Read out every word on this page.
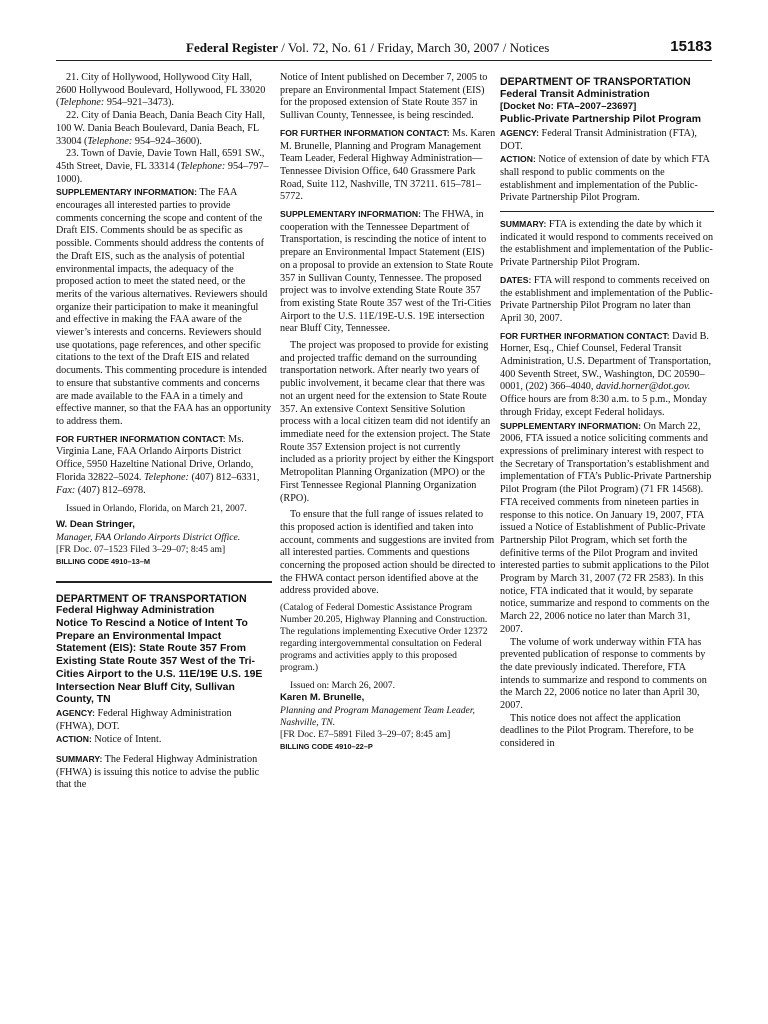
Federal Register / Vol. 72, No. 61 / Friday, March 30, 2007 / Notices	15183

21. City of Hollywood, Hollywood City Hall, 2600 Hollywood Boulevard, Hollywood, FL 33020 (Telephone: 954–921–3473).

22. City of Dania Beach, Dania Beach City Hall, 100 W. Dania Beach Boulevard, Dania Beach, FL 33004 (Telephone: 954–924–3600).

23. Town of Davie, Davie Town Hall, 6591 SW., 45th Street, Davie, FL 33314 (Telephone: 954–797–1000).

SUPPLEMENTARY INFORMATION: The FAA encourages all interested parties to provide comments concerning the scope and content of the Draft EIS. Comments should be as specific as possible. Comments should address the contents of the Draft EIS, such as the analysis of potential environmental impacts, the adequacy of the proposed action to meet the stated need, or the merits of the various alternatives. Reviewers should organize their participation to make it meaningful and effective in making the FAA aware of the viewer’s interests and concerns. Reviewers should use quotations, page references, and other specific citations to the text of the Draft EIS and related documents. This commenting procedure is intended to ensure that substantive comments and concerns are made available to the FAA in a timely and effective manner, so that the FAA has an opportunity to address them.

FOR FURTHER INFORMATION CONTACT: Ms. Virginia Lane, FAA Orlando Airports District Office, 5950 Hazeltine National Drive, Orlando, Florida 32822–5024. Telephone: (407) 812–6331, Fax: (407) 812–6978.

Issued in Orlando, Florida, on March 21, 2007.

W. Dean Stringer,

Manager, FAA Orlando Airports District Office.

[FR Doc. 07–1523 Filed 3–29–07; 8:45 am]

BILLING CODE 4910–13–M

DEPARTMENT OF TRANSPORTATION

Federal Highway Administration

Notice To Rescind a Notice of Intent To Prepare an Environmental Impact Statement (EIS): State Route 357 From Existing State Route 357 West of the Tri-Cities Airport to the U.S. 11E/19E U.S. 19E Intersection Near Bluff City, Sullivan County, TN

AGENCY: Federal Highway Administration (FHWA), DOT.

ACTION: Notice of Intent.

SUMMARY: The Federal Highway Administration (FHWA) is issuing this notice to advise the public that the

Notice of Intent published on December 7, 2005 to prepare an Environmental Impact Statement (EIS) for the proposed extension of State Route 357 in Sullivan County, Tennessee, is being rescinded.

FOR FURTHER INFORMATION CONTACT: Ms. Karen M. Brunelle, Planning and Program Management Team Leader, Federal Highway Administration—Tennessee Division Office, 640 Grassmere Park Road, Suite 112, Nashville, TN 37211. 615–781–5772.

SUPPLEMENTARY INFORMATION: The FHWA, in cooperation with the Tennessee Department of Transportation, is rescinding the notice of intent to prepare an Environmental Impact Statement (EIS) on a proposal to provide an extension to State Route 357 in Sullivan County, Tennessee. The proposed project was to involve extending State Route 357 from existing State Route 357 west of the Tri-Cities Airport to the U.S. 11E/19E-U.S. 19E intersection near Bluff City, Tennessee.

The project was proposed to provide for existing and projected traffic demand on the surrounding transportation network. After nearly two years of public involvement, it became clear that there was not an urgent need for the extension to State Route 357. An extensive Context Sensitive Solution process with a local citizen team did not identify an immediate need for the extension project. The State Route 357 Extension project is not currently included as a priority project by either the Kingsport Metropolitan Planning Organization (MPO) or the First Tennessee Regional Planning Organization (RPO).

To ensure that the full range of issues related to this proposed action is identified and taken into account, comments and suggestions are invited from all interested parties. Comments and questions concerning the proposed action should be directed to the FHWA contact person identified above at the address provided above.

(Catalog of Federal Domestic Assistance Program Number 20.205, Highway Planning and Construction. The regulations implementing Executive Order 12372 regarding intergovernmental consultation on Federal programs and activities apply to this proposed program.)

Issued on: March 26, 2007.

Karen M. Brunelle,

Planning and Program Management Team Leader, Nashville, TN.

[FR Doc. E7–5891 Filed 3–29–07; 8:45 am]

BILLING CODE 4910–22–P

DEPARTMENT OF TRANSPORTATION

Federal Transit Administration

[Docket No: FTA–2007–23697]

Public-Private Partnership Pilot Program

AGENCY: Federal Transit Administration (FTA), DOT.

ACTION: Notice of extension of date by which FTA shall respond to public comments on the establishment and implementation of the Public-Private Partnership Pilot Program.

SUMMARY: FTA is extending the date by which it indicated it would respond to comments received on the establishment and implementation of the Public-Private Partnership Pilot Program.

DATES: FTA will respond to comments received on the establishment and implementation of the Public-Private Partnership Pilot Program no later than April 30, 2007.

FOR FURTHER INFORMATION CONTACT: David B. Horner, Esq., Chief Counsel, Federal Transit Administration, U.S. Department of Transportation, 400 Seventh Street, SW., Washington, DC 20590–0001, (202) 366–4040, david.horner@dot.gov. Office hours are from 8:30 a.m. to 5 p.m., Monday through Friday, except Federal holidays.

SUPPLEMENTARY INFORMATION: On March 22, 2006, FTA issued a notice soliciting comments and expressions of preliminary interest with respect to the Secretary of Transportation’s establishment and implementation of FTA’s Public-Private Partnership Pilot Program (the Pilot Program) (71 FR 14568). FTA received comments from nineteen parties in response to this notice. On January 19, 2007, FTA issued a Notice of Establishment of Public-Private Partnership Pilot Program, which set forth the definitive terms of the Pilot Program and invited interested parties to submit applications to the Pilot Program by March 31, 2007 (72 FR 2583). In this notice, FTA indicated that it would, by separate notice, summarize and respond to comments on the March 22, 2006 notice no later than March 31, 2007.

The volume of work underway within FTA has prevented publication of response to comments by the date previously indicated. Therefore, FTA intends to summarize and respond to comments on the March 22, 2006 notice no later than April 30, 2007.

This notice does not affect the application deadlines to the Pilot Program. Therefore, to be considered in
